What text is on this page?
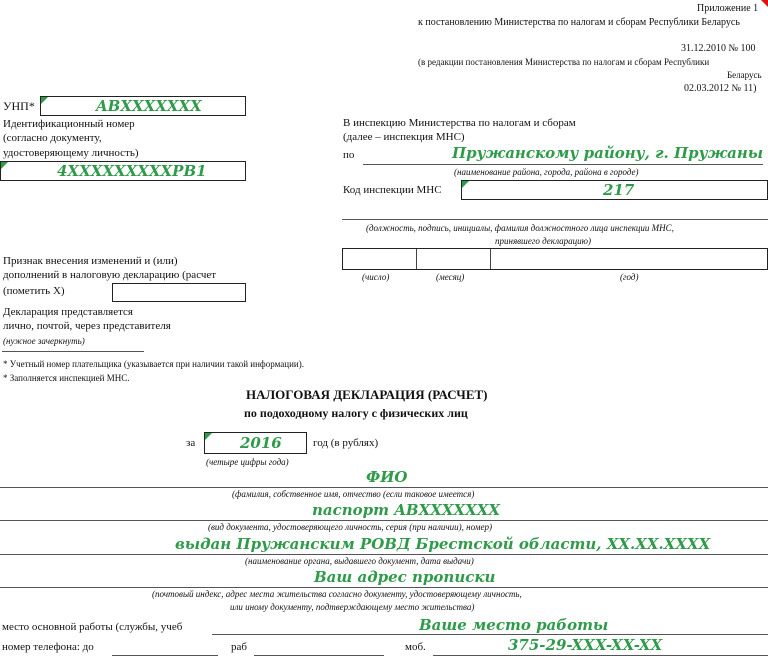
Приложение 1
к постановлению Министерства по налогам и сборам Республики Беларусь
31.12.2010 № 100
(в редакции постановления Министерства по налогам и сборам Республики
Беларусь
02.03.2012 № 11)
УНП*	ABXXXXXXX
Идентификационный номер
(согласно документу,
удостоверяющему личность)
4XXXXXXXXXPB1
В инспекцию Министерства по налогам и сборам
(далее – инспекция МНС)
по	Пружанскому району, г. Пружаны
(наименование района, города, района в городе)
Код инспекции МНС	217
(должность, подпись, инициалы, фамилия должностного лица инспекции МНС,
принявшего декларацию)
(число)	(месяц)	(год)
Признак внесения изменений и (или)
дополнений в налоговую декларацию (расчет
(пометить Х)
Декларация представляется
лично, почтой, через представителя
(нужное зачеркнуть)
* Учетный номер плательщика (указывается при наличии такой информации).
* Заполняется инспекцией МНС.
НАЛОГОВАЯ ДЕКЛАРАЦИЯ (РАСЧЕТ)
по подоходному налогу с физических лиц
за	2016	год (в рублях)
(четыре цифры года)
ФИО
(фамилия, собственное имя, отчество (если таковое имеется)
паспорт ABXXXXXXX
(вид документа, удостоверяющего личность, серия (при наличии), номер)
выдан Пружанским РОВД Брестской области, XX.XX.XXXX
(наименование органа, выдавшего документ, дата выдачи)
Ваш адрес прописки
(почтовый индекс, адрес места жительства согласно документу, удостоверяющему личность,
или иному документу, подтверждающему место жительства)
место основной работы (службы, учеб	Ваше место работы
номер телефона: до	раб	моб.	375-29-XXX-XX-XX
